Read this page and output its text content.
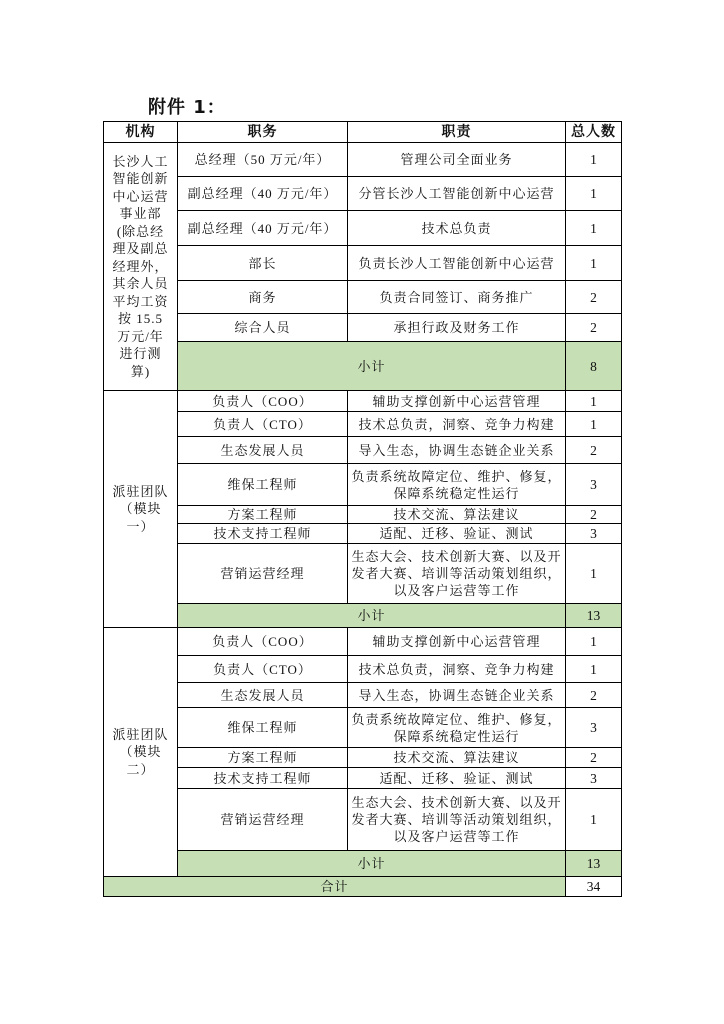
附件 1：
机构	职务	职责	总人数
长沙人工智能创新中心运营事业部(除总经理及副总经理外，其余人员平均工资按 15.5 万元/年进行测算)	总经理（50 万元/年）	管理公司全面业务	1
	副总经理（40 万元/年）	分管长沙人工智能创新中心运营	1
	副总经理（40 万元/年）	技术总负责	1
	部长	负责长沙人工智能创新中心运营	1
	商务	负责合同签订、商务推广	2
	综合人员	承担行政及财务工作	2
	小计		8
派驻团队（模块一）	负责人（COO）	辅助支撑创新中心运营管理	1
	负责人（CTO）	技术总负责，洞察、竞争力构建	1
	生态发展人员	导入生态，协调生态链企业关系	2
	维保工程师	负责系统故障定位、维护、修复，保障系统稳定性运行	3
	方案工程师	技术交流、算法建议	2
	技术支持工程师	适配、迁移、验证、测试	3
	营销运营经理	生态大会、技术创新大赛、以及开发者大赛、培训等活动策划组织，以及客户运营等工作	1
	小计		13
派驻团队（模块二）	负责人（COO）	辅助支撑创新中心运营管理	1
	负责人（CTO）	技术总负责，洞察、竞争力构建	1
	生态发展人员	导入生态，协调生态链企业关系	2
	维保工程师	负责系统故障定位、维护、修复，保障系统稳定性运行	3
	方案工程师	技术交流、算法建议	2
	技术支持工程师	适配、迁移、验证、测试	3
	营销运营经理	生态大会、技术创新大赛、以及开发者大赛、培训等活动策划组织，以及客户运营等工作	1
	小计		13
合计			34
